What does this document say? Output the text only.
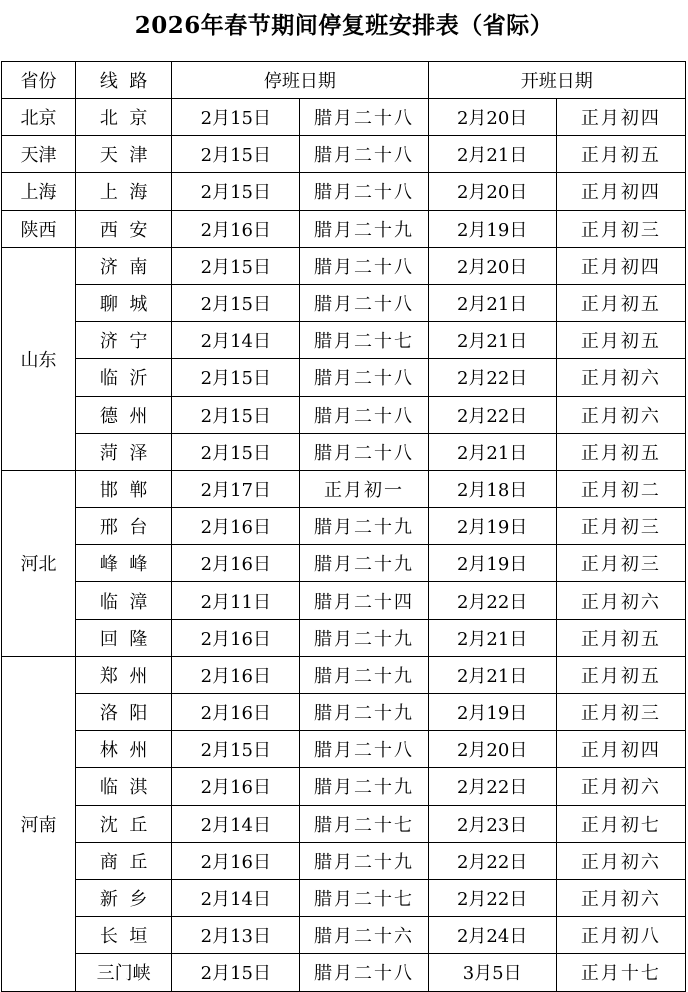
2026年春节期间停复班安排表（省际）
省份	线  路	停班日期		开班日期	
北京	北  京	2月15日	腊月二十八	2月20日	正月初四
天津	天  津	2月15日	腊月二十八	2月21日	正月初五
上海	上  海	2月15日	腊月二十八	2月20日	正月初四
陕西	西  安	2月16日	腊月二十九	2月19日	正月初三
山东	济  南	2月15日	腊月二十八	2月20日	正月初四
	聊  城	2月15日	腊月二十八	2月21日	正月初五
	济  宁	2月14日	腊月二十七	2月21日	正月初五
	临  沂	2月15日	腊月二十八	2月22日	正月初六
	德  州	2月15日	腊月二十八	2月22日	正月初六
	菏  泽	2月15日	腊月二十八	2月21日	正月初五
河北	邯  郸	2月17日	正月初一	2月18日	正月初二
	邢  台	2月16日	腊月二十九	2月19日	正月初三
	峰  峰	2月16日	腊月二十九	2月19日	正月初三
	临  漳	2月11日	腊月二十四	2月22日	正月初六
	回  隆	2月16日	腊月二十九	2月21日	正月初五
河南	郑  州	2月16日	腊月二十九	2月21日	正月初五
	洛  阳	2月16日	腊月二十九	2月19日	正月初三
	林  州	2月15日	腊月二十八	2月20日	正月初四
	临  淇	2月16日	腊月二十九	2月22日	正月初六
	沈  丘	2月14日	腊月二十七	2月23日	正月初七
	商  丘	2月16日	腊月二十九	2月22日	正月初六
	新  乡	2月14日	腊月二十七	2月22日	正月初六
	长  垣	2月13日	腊月二十六	2月24日	正月初八
	三门峡	2月15日	腊月二十八	3月5日	正月十七
